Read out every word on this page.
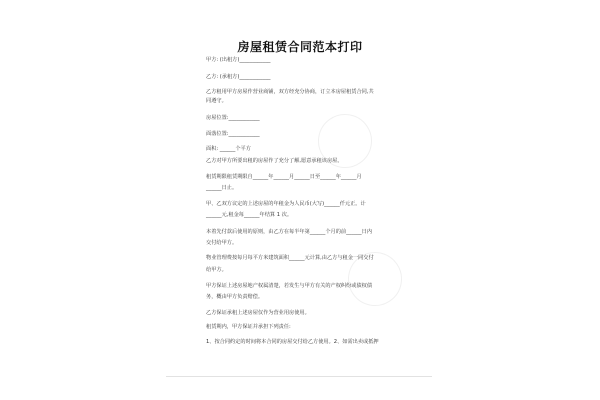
房屋租赁合同范本打印
甲方: (出租方)____________
乙方: (承租方)____________
乙方租用甲方房屋作营业商铺，双方经充分协商，订立本房屋租赁合同,共
同遵守。
房屋位置:____________
面落位置:____________
面积: ______个平方
乙方对甲方所要出租的房屋作了充分了解,愿意承租该房屋。
租赁期限租赁期限自______年______月______日至______年______月
______日止。
甲、乙双方议定的上述房屋的年租金为人民币(大写)______仟元正。计
______元,租金每______年结算 1 次。
本着先付款后使用的原则，由乙方在每半年第______个月的前______日内
交付给甲方。
物业管理费按每月每平方米建筑面积______元计算,由乙方与租金一同交付
给甲方。
甲方保证上述房屋地产权属清楚，若发生与甲方有关的产权纠纷或债权债
务，概由甲方负责赔偿。
乙方保证承租上述房屋仅作为营业用房使用。
租赁期内，甲方保证并承担下列责任:
1、按合同约定的时间将本合同的房屋交付给乙方使用。2、如需出卖或抵押
